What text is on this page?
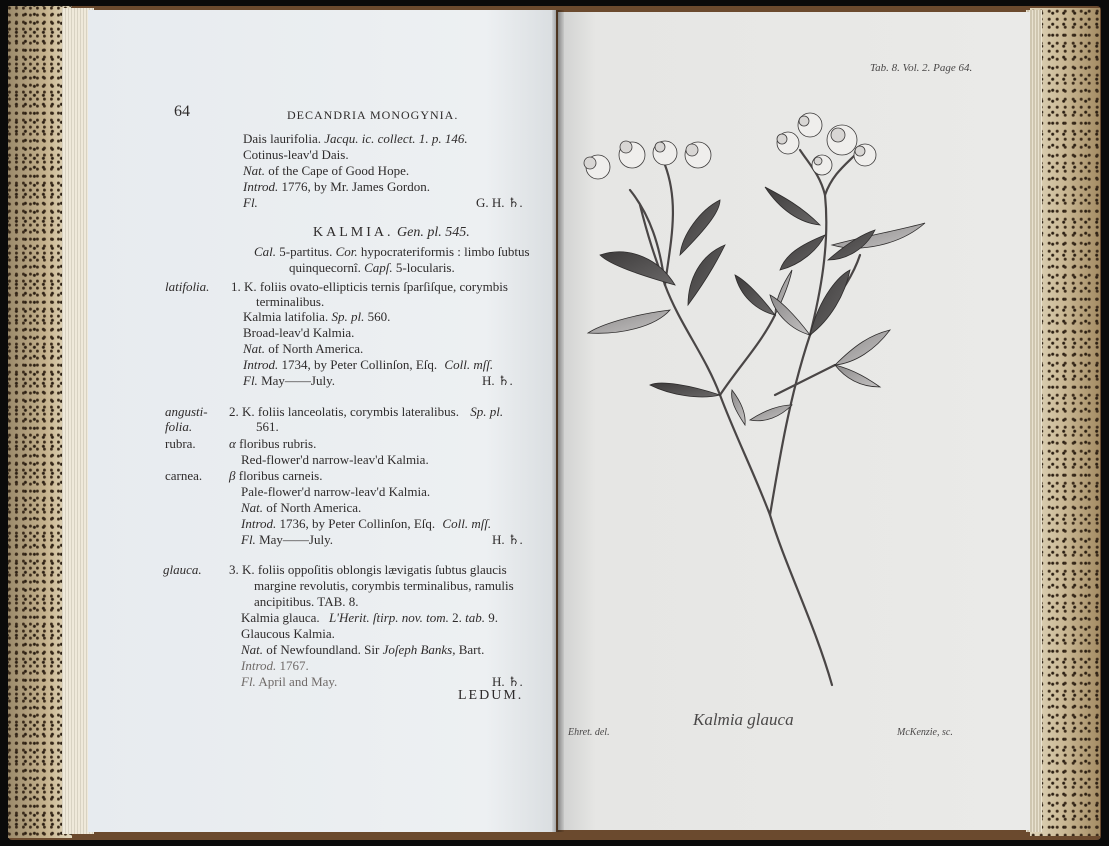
64	DECANDRIA MONOGYNIA.
Dais laurifolia. Jacqu. ic. collect. 1. p. 146.
Cotinus-leav'd Dais.
Nat. of the Cape of Good Hope.
Introd. 1776, by Mr. James Gordon.
Fl.	G. H. ♄.
KALMIA. Gen. pl. 545.
Cal. 5-partitus. Cor. hypocrateriformis : limbo ſubtus
quinquecornî. Capſ. 5-locularis.
latifolia. 1. K. foliis ovato-ellipticis ternis ſparſiſque, corymbis
terminalibus.
Kalmia latifolia. Sp. pl. 560.
Broad-leav'd Kalmia.
Nat. of North America.
Introd. 1734, by Peter Collinſon, Eſq. Coll. mſſ.
Fl. May——July.	H. ♄.
angusti-
folia.
2. K. foliis lanceolatis, corymbis lateralibus. Sp. pl.
561.
rubra.	α floribus rubris.
Red-flower'd narrow-leav'd Kalmia.
carnea. β floribus carneis.
Pale-flower'd narrow-leav'd Kalmia.
Nat. of North America.
Introd. 1736, by Peter Collinſon, Eſq. Coll. mſſ.
Fl. May——July.	H. ♄.
glauca. 3. K. foliis oppoſitis oblongis lævigatis ſubtus glaucis
margine revolutis, corymbis terminalibus, ramulis
ancipitibus. TAB. 8.
Kalmia glauca. L'Herit. ſtirp. nov. tom. 2. tab. 9.
Glaucous Kalmia.
Nat. of Newfoundland. Sir Joſeph Banks, Bart.
Introd. 1767.
Fl. April and May.	H. ♄.
LEDUM.
Tab. 8. Vol. 2. Page 64.
Kalmia glauca
Ehret. del.	McKenzie, sc.
